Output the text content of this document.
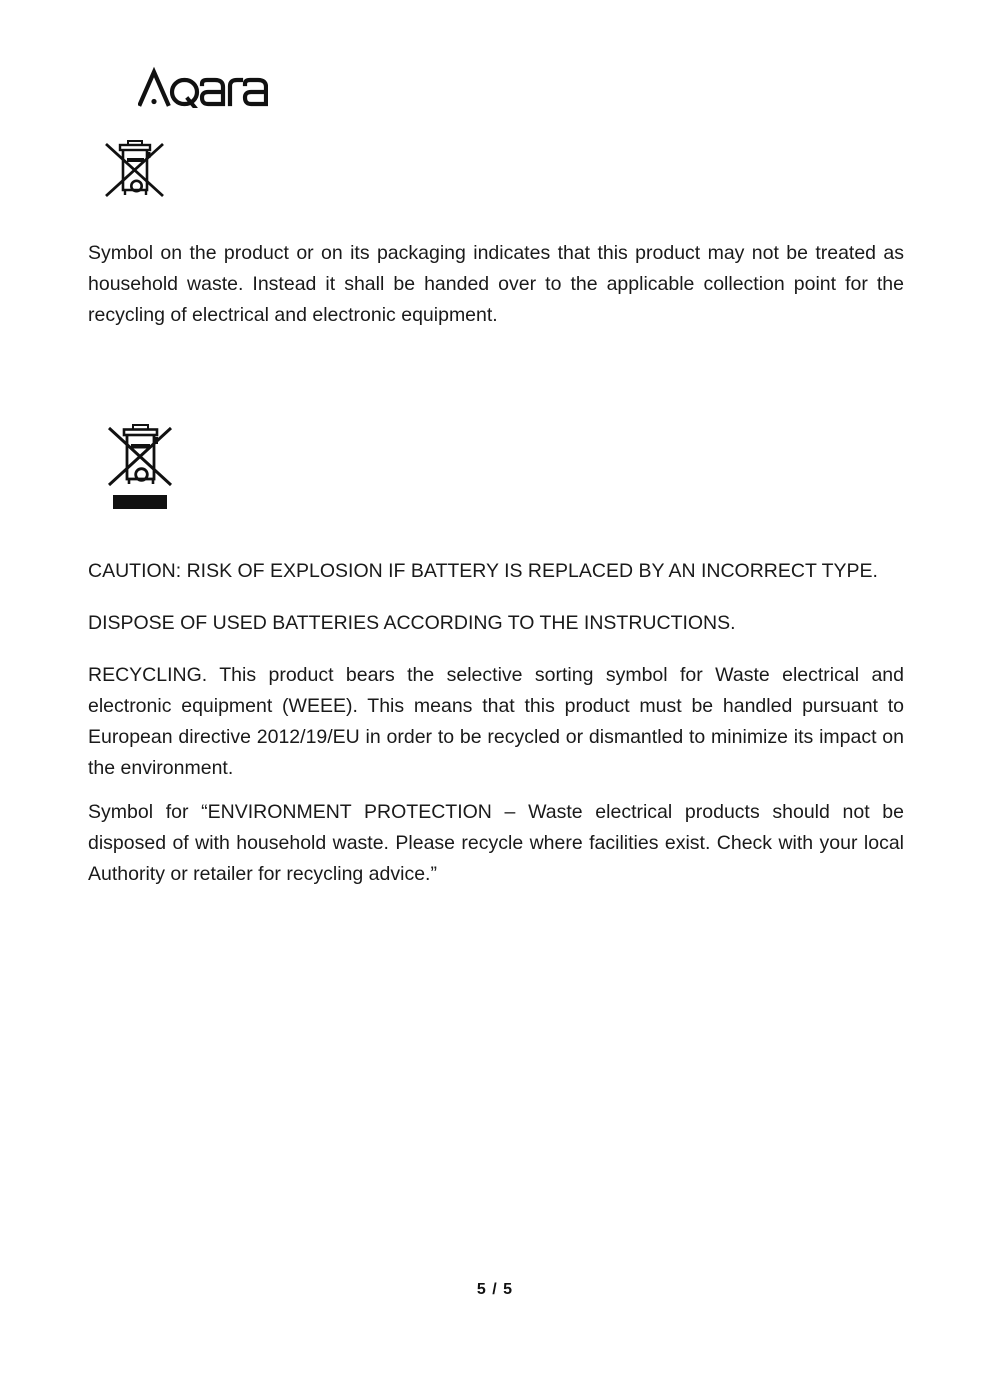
Symbol on the product or on its packaging indicates that this product may not be treated as household waste. Instead it shall be handed over to the applicable collection point for the recycling of electrical and electronic equipment.

CAUTION: RISK OF EXPLOSION IF BATTERY IS REPLACED BY AN INCORRECT TYPE.

DISPOSE OF USED BATTERIES ACCORDING TO THE INSTRUCTIONS.

RECYCLING. This product bears the selective sorting symbol for Waste electrical and electronic equipment (WEEE). This means that this product must be handled pursuant to European directive 2012/19/EU in order to be recycled or dismantled to minimize its impact on the environment.

Symbol for “ENVIRONMENT PROTECTION – Waste electrical products should not be disposed of with household waste. Please recycle where facilities exist. Check with your local Authority or retailer for recycling advice.”

5 / 5
